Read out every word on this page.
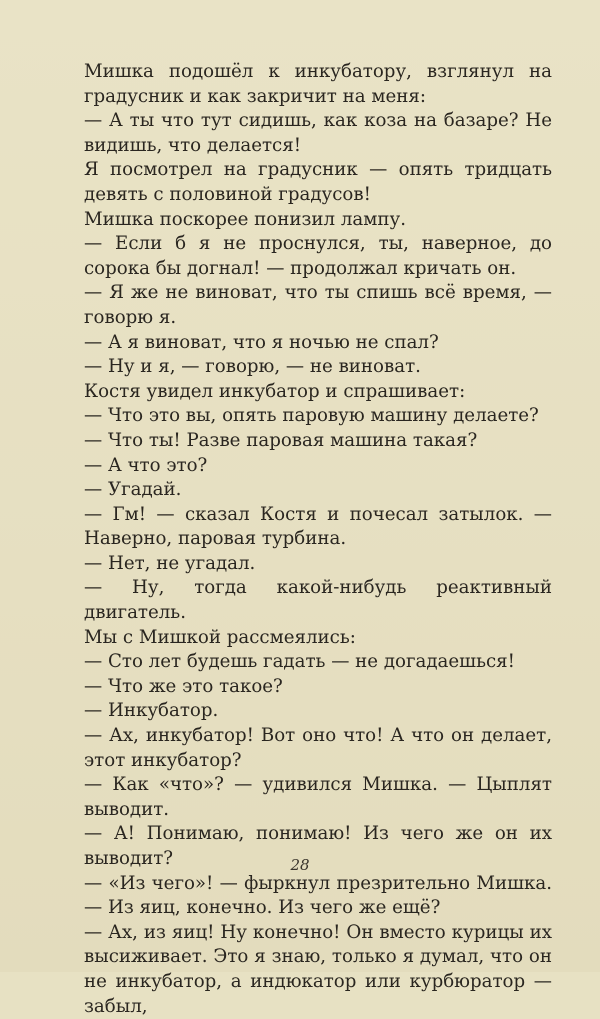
Мишка подошёл к инкубатору, взглянул на градусник и как закричит на меня:

— А ты что тут сидишь, как коза на базаре? Не видишь, что делается!

Я посмотрел на градусник — опять тридцать девять с половиной градусов!

Мишка поскорее понизил лампу.

— Если б я не проснулся, ты, наверное, до сорока бы догнал! — продолжал кричать он.

— Я же не виноват, что ты спишь всё время, — говорю я.

— А я виноват, что я ночью не спал?

— Ну и я, — говорю, — не виноват.

Костя увидел инкубатор и спрашивает:

— Что это вы, опять паровую машину делаете?

— Что ты! Разве паровая машина такая?

— А что это?

— Угадай.

— Гм! — сказал Костя и почесал затылок. — Наверно, паровая турбина.

— Нет, не угадал.

— Ну, тогда какой-нибудь реактивный двигатель.

Мы с Мишкой рассмеялись:

— Сто лет будешь гадать — не догадаешься!

— Что же это такое?

— Инкубатор.

— Ах, инкубатор! Вот оно что! А что он делает, этот инкубатор?

— Как «что»? — удивился Мишка. — Цыплят выводит.

— А! Понимаю, понимаю! Из чего же он их выводит?

— «Из чего»! — фыркнул презрительно Мишка. — Из яиц, конечно. Из чего же ещё?

— Ах, из яиц! Ну конечно! Он вместо курицы их высиживает. Это я знаю, только я думал, что он не инкубатор, а индюкатор или курбюратор — забыл,

28
